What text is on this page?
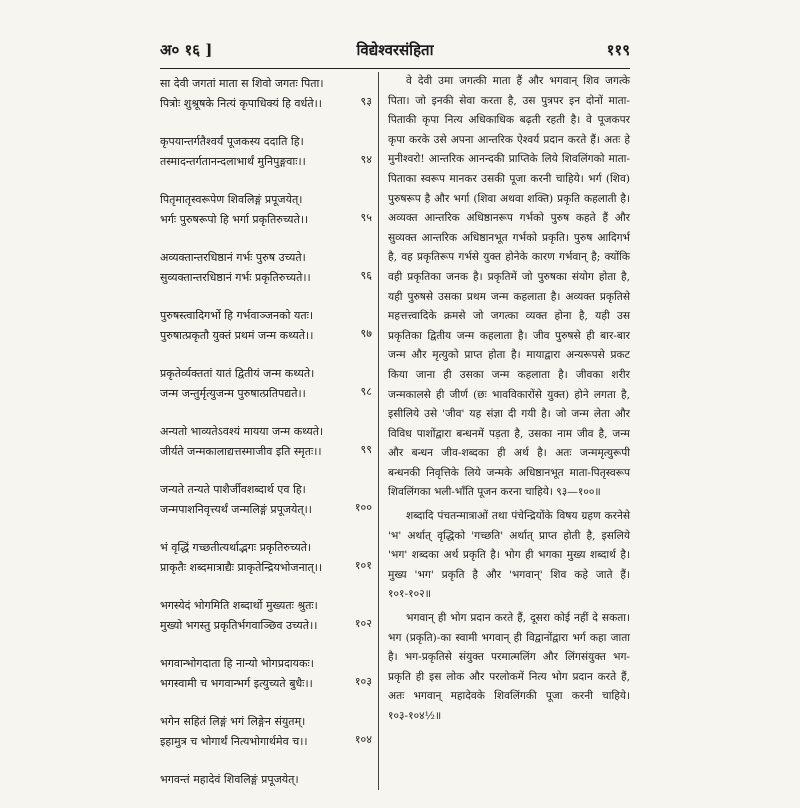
अ० १६ ]	विद्येश्वरसंहिता	११९
सा देवी जगतां माता स शिवो जगतः पिता।
पित्रोः शुश्रूषके नित्यं कृपाधिक्यं हि वर्धते।।	९३
कृपयान्तर्गतैश्वर्यं पूजकस्य ददाति हि।
तस्मादन्तर्गतानन्दलाभार्थं मुनिपुङ्गवाः।।	९४
पितृमातृस्वरूपेण शिवलिङ्गं प्रपूजयेत्।
भर्गः पुरुषरूपो हि भर्गा प्रकृतिरुच्यते।।	९५
अव्यक्तान्तरधिष्ठानं गर्भः पुरुष उच्यते।
सुव्यक्तान्तरधिष्ठानं गर्भः प्रकृतिरुच्यते।।	९६
पुरुषस्त्वादिगर्भो हि गर्भवाञ्जनको यतः।
पुरुषात्प्रकृतौ युक्तं प्रथमं जन्म कथ्यते।।	९७
प्रकृतेर्व्यक्ततां यातं द्वितीयं जन्म कथ्यते।
जन्म जन्तुर्मृत्युजन्म पुरुषात्प्रतिपद्यते।।	९८
अन्यतो भाव्यतेऽवश्यं मायया जन्म कथ्यते।
जीर्यते जन्मकालाद्यत्तस्माजीव इति स्मृतः।।	९९
जन्यते तन्यते पाशैर्जीवशब्दार्थ एव हि।
जन्मपाशनिवृत्त्यर्थं जन्मलिङ्गं प्रपूजयेत्।।	१००
भं वृद्धिं गच्छतीत्यर्थाद्भगः प्रकृतिरुच्यते।
प्राकृतैः शब्दमात्राद्यैः प्राकृतेन्द्रियभोजनात्।।	१०१
भगस्येदं भोगमिति शब्दार्थो मुख्यतः श्रुतः।
मुख्यो भगस्तु प्रकृतिर्भगवाञ्छिव उच्यते।।	१०२
भगवान्भोगदाता हि नान्यो भोगप्रदायकः।
भगस्वामी च भगवान्भर्ग इत्युच्यते बुधैः।।	१०३
भगेन सहितं लिङ्गं भगं लिङ्गेन संयुतम्।
इहामुत्र च भोगार्थं नित्यभोगार्थमेव च।।	१०४
भगवन्तं महादेवं शिवलिङ्गं प्रपूजयेत्।

वे देवी उमा जगत्की माता हैं और भगवान् शिव जगत्के पिता। जो इनकी सेवा करता है, उस पुत्रपर इन दोनों माता-पिताकी कृपा नित्य अधिकाधिक बढ़ती रहती है। वे पूजकपर कृपा करके उसे अपना आन्तरिक ऐश्वर्य प्रदान करते हैं। अतः हे मुनीश्वरो! आन्तरिक आनन्दकी प्राप्तिके लिये शिवलिंगको माता-पिताका स्वरूप मानकर उसकी पूजा करनी चाहिये। भर्ग (शिव) पुरुषरूप है और भर्गा (शिवा अथवा शक्ति) प्रकृति कहलाती है। अव्यक्त आन्तरिक अधिष्ठानरूप गर्भको पुरुष कहते हैं और सुव्यक्त आन्तरिक अधिष्ठानभूत गर्भको प्रकृति। पुरुष आदिगर्भ है, वह प्रकृतिरूप गर्भसे युक्त होनेके कारण गर्भवान् है; क्योंकि वही प्रकृतिका जनक है। प्रकृतिमें जो पुरुषका संयोग होता है, यही पुरुषसे उसका प्रथम जन्म कहलाता है। अव्यक्त प्रकृतिसे महत्तत्त्वादिके क्रमसे जो जगत्का व्यक्त होना है, यही उस प्रकृतिका द्वितीय जन्म कहलाता है। जीव पुरुषसे ही बार-बार जन्म और मृत्युको प्राप्त होता है। मायाद्वारा अन्यरूपसे प्रकट किया जाना ही उसका जन्म कहलाता है। जीवका शरीर जन्मकालसे ही जीर्ण (छः भावविकारोंसे युक्त) होने लगता है, इसीलिये उसे 'जीव' यह संज्ञा दी गयी है। जो जन्म लेता और विविध पाशोंद्वारा बन्धनमें पड़ता है, उसका नाम जीव है, जन्म और बन्धन जीव-शब्दका ही अर्थ है। अतः जन्ममृत्युरूपी बन्धनकी निवृत्तिके लिये जन्मके अधिष्ठानभूत माता-पितृस्वरूप शिवलिंगका भली-भाँति पूजन करना चाहिये। ९३—१००॥

शब्दादि पंचतन्मात्राओं तथा पंचेन्द्रियोंके विषय ग्रहण करनेसे 'भ' अर्थात् वृद्धिको 'गच्छति' अर्थात् प्राप्त होती है, इसलिये 'भग' शब्दका अर्थ प्रकृति है। भोग ही भगका मुख्य शब्दार्थ है। मुख्य 'भग' प्रकृति है और 'भगवान्' शिव कहे जाते हैं। १०१-१०२॥

भगवान् ही भोग प्रदान करते हैं, दूसरा कोई नहीं दे सकता। भग (प्रकृति)-का स्वामी भगवान् ही विद्वानोंद्वारा भर्ग कहा जाता है। भग-प्रकृतिसे संयुक्त परमात्मलिंग और लिंगसंयुक्त भग-प्रकृति ही इस लोक और परलोकमें नित्य भोग प्रदान करते हैं, अतः भगवान् महादेवके शिवलिंगकी पूजा करनी चाहिये। १०३-१०४½॥
